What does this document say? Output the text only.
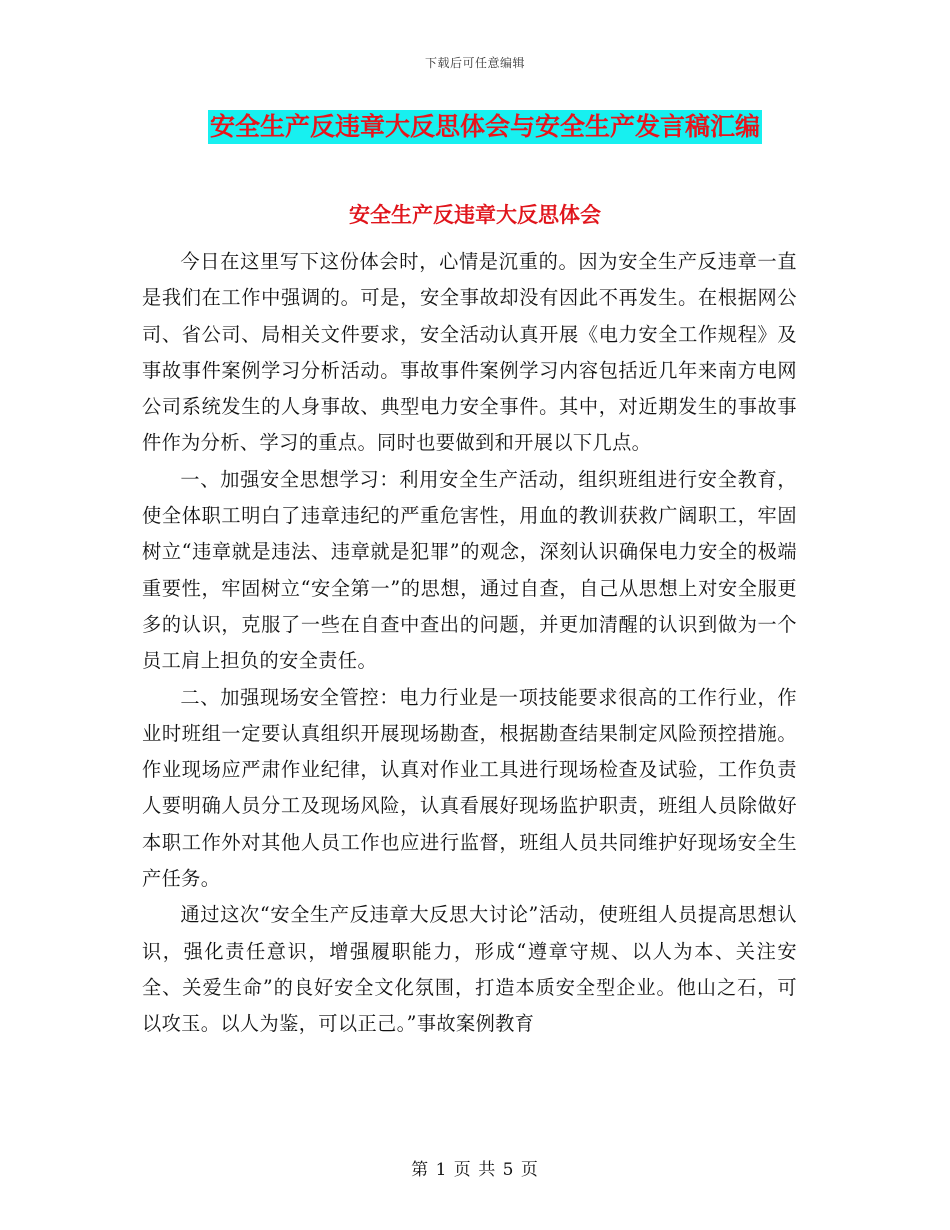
下载后可任意编辑
安全生产反违章大反思体会与安全生产发言稿汇编
安全生产反违章大反思体会

今日在这里写下这份体会时，心情是沉重的。因为安全生产反违章一直是我们在工作中强调的。可是，安全事故却没有因此不再发生。在根据网公司、省公司、局相关文件要求，安全活动认真开展《电力安全工作规程》及事故事件案例学习分析活动。事故事件案例学习内容包括近几年来南方电网公司系统发生的人身事故、典型电力安全事件。其中，对近期发生的事故事件作为分析、学习的重点。同时也要做到和开展以下几点。

一、加强安全思想学习：利用安全生产活动，组织班组进行安全教育，使全体职工明白了违章违纪的严重危害性，用血的教训获救广阔职工，牢固树立“违章就是违法、违章就是犯罪”的观念，深刻认识确保电力安全的极端重要性，牢固树立“安全第一”的思想，通过自查，自己从思想上对安全服更多的认识，克服了一些在自查中查出的问题，并更加清醒的认识到做为一个员工肩上担负的安全责任。

二、加强现场安全管控：电力行业是一项技能要求很高的工作行业，作业时班组一定要认真组织开展现场勘查，根据勘查结果制定风险预控措施。作业现场应严肃作业纪律，认真对作业工具进行现场检查及试验，工作负责人要明确人员分工及现场风险，认真看展好现场监护职责，班组人员除做好本职工作外对其他人员工作也应进行监督，班组人员共同维护好现场安全生产任务。

通过这次“安全生产反违章大反思大讨论”活动，使班组人员提高思想认识，强化责任意识，增强履职能力，形成“遵章守规、以人为本、关注安全、关爱生命”的良好安全文化氛围，打造本质安全型企业。他山之石，可以攻玉。以人为鉴，可以正己。”事故案例教育

第 1 页 共 5 页
